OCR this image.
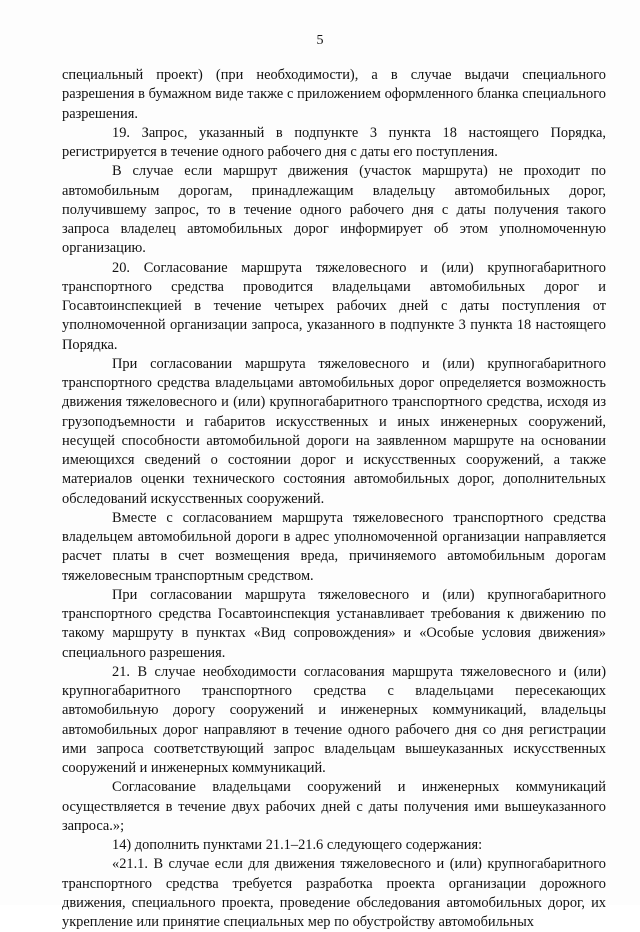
5

специальный проект) (при необходимости), а в случае выдачи специального разрешения в бумажном виде также с приложением оформленного бланка специального разрешения.

19. Запрос, указанный в подпункте 3 пункта 18 настоящего Порядка, регистрируется в течение одного рабочего дня с даты его поступления.

В случае если маршрут движения (участок маршрута) не проходит по автомобильным дорогам, принадлежащим владельцу автомобильных дорог, получившему запрос, то в течение одного рабочего дня с даты получения такого запроса владелец автомобильных дорог информирует об этом уполномоченную организацию.

20. Согласование маршрута тяжеловесного и (или) крупногабаритного транспортного средства проводится владельцами автомобильных дорог и Госавтоинспекцией в течение четырех рабочих дней с даты поступления от уполномоченной организации запроса, указанного в подпункте 3 пункта 18 настоящего Порядка.

При согласовании маршрута тяжеловесного и (или) крупногабаритного транспортного средства владельцами автомобильных дорог определяется возможность движения тяжеловесного и (или) крупногабаритного транспортного средства, исходя из грузоподъемности и габаритов искусственных и иных инженерных сооружений, несущей способности автомобильной дороги на заявленном маршруте на основании имеющихся сведений о состоянии дорог и искусственных сооружений, а также материалов оценки технического состояния автомобильных дорог, дополнительных обследований искусственных сооружений.

Вместе с согласованием маршрута тяжеловесного транспортного средства владельцем автомобильной дороги в адрес уполномоченной организации направляется расчет платы в счет возмещения вреда, причиняемого автомобильным дорогам тяжеловесным транспортным средством.

При согласовании маршрута тяжеловесного и (или) крупногабаритного транспортного средства Госавтоинспекция устанавливает требования к движению по такому маршруту в пунктах «Вид сопровождения» и «Особые условия движения» специального разрешения.

21. В случае необходимости согласования маршрута тяжеловесного и (или) крупногабаритного транспортного средства с владельцами пересекающих автомобильную дорогу сооружений и инженерных коммуникаций, владельцы автомобильных дорог направляют в течение одного рабочего дня со дня регистрации ими запроса соответствующий запрос владельцам вышеуказанных искусственных сооружений и инженерных коммуникаций.

Согласование владельцами сооружений и инженерных коммуникаций осуществляется в течение двух рабочих дней с даты получения ими вышеуказанного запроса.»;

14) дополнить пунктами 21.1–21.6 следующего содержания:

«21.1. В случае если для движения тяжеловесного и (или) крупногабаритного транспортного средства требуется разработка проекта организации дорожного движения, специального проекта, проведение обследования автомобильных дорог, их укрепление или принятие специальных мер по обустройству автомобильных
